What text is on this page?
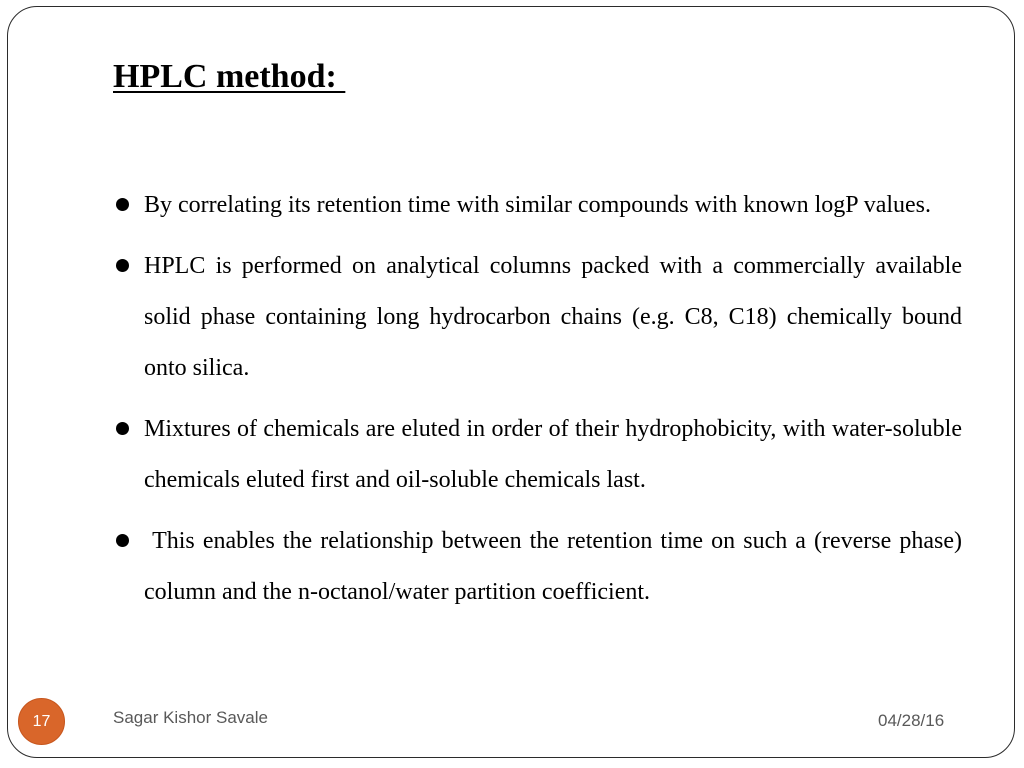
HPLC method:
By correlating its retention time with similar compounds with known logP values.
HPLC is performed on analytical columns packed with a commercially available solid phase containing long hydrocarbon chains (e.g. C8, C18) chemically bound onto silica.
Mixtures of chemicals are eluted in order of their hydrophobicity, with water-soluble chemicals eluted first and oil-soluble chemicals last.
This enables the relationship between the retention time on such a (reverse phase) column and the n-octanol/water partition coefficient.
17	Sagar Kishor Savale	04/28/16
